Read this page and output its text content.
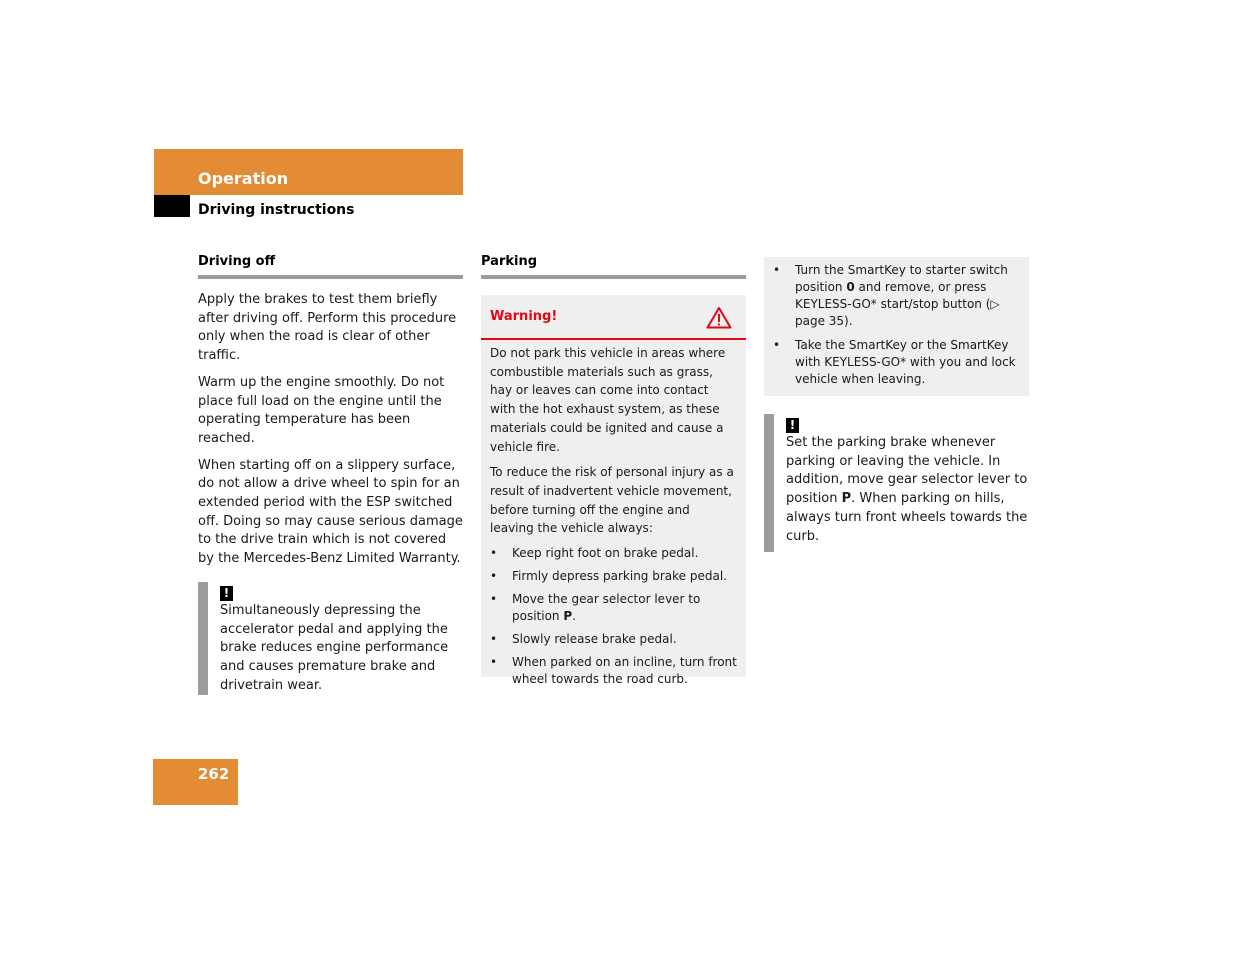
Operation
Driving instructions
Driving off

Apply the brakes to test them briefly after driving off. Perform this procedure only when the road is clear of other traffic.

Warm up the engine smoothly. Do not place full load on the engine until the operating temperature has been reached.

When starting off on a slippery surface, do not allow a drive wheel to spin for an extended period with the ESP switched off. Doing so may cause serious damage to the drive train which is not covered by the Mercedes-Benz Limited Warranty.

!

Simultaneously depressing the accelerator pedal and applying the brake reduces engine performance and causes premature brake and drivetrain wear.

Parking
Warning!

Do not park this vehicle in areas where combustible materials such as grass, hay or leaves can come into contact with the hot exhaust system, as these materials could be ignited and cause a vehicle fire.

To reduce the risk of personal injury as a result of inadvertent vehicle movement, before turning off the engine and leaving the vehicle always:

• Keep right foot on brake pedal.
• Firmly depress parking brake pedal.
• Move the gear selector lever to position P.
• Slowly release brake pedal.
• When parked on an incline, turn front wheel towards the road curb.
• Turn the SmartKey to starter switch position 0 and remove, or press KEYLESS-GO* start/stop button (▷ page 35).
• Take the SmartKey or the SmartKey with KEYLESS-GO* with you and lock vehicle when leaving.
!

Set the parking brake whenever parking or leaving the vehicle. In addition, move gear selector lever to position P. When parking on hills, always turn front wheels towards the curb.

262
